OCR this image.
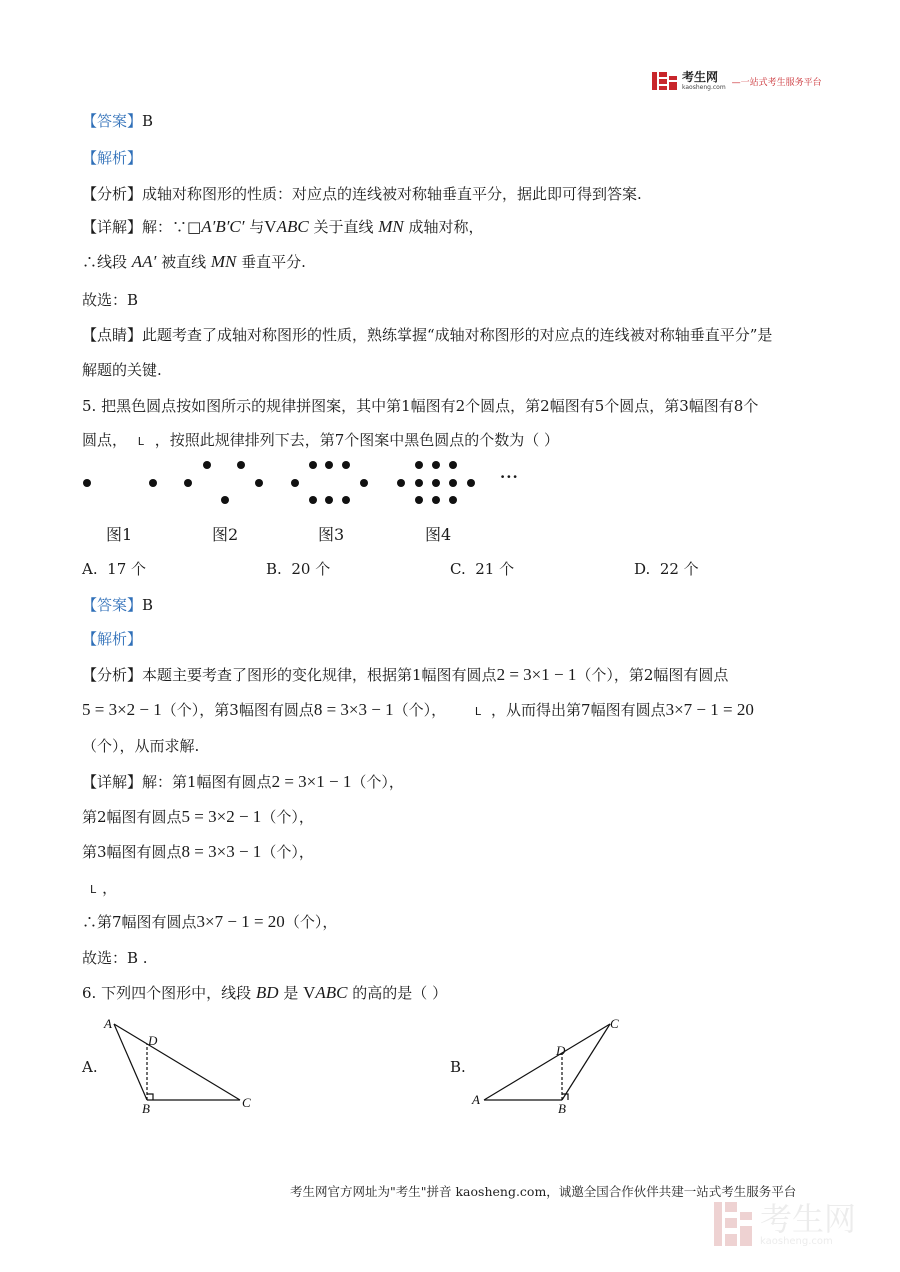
考生网
kaosheng.com —一站式考生服务平台
【答案】B
【解析】
【分析】成轴对称图形的性质：对应点的连线被对称轴垂直平分，据此即可得到答案.
【详解】解：∵□A′B′C′ 与VABC 关于直线 MN 成轴对称，
∴线段 AA′ 被直线 MN 垂直平分.
故选：B
【点睛】此题考查了成轴对称图形的性质，熟练掌握“成轴对称图形的对应点的连线被对称轴垂直平分”是
解题的关键.
5. 把黑色圆点按如图所示的规律拼图案，其中第1幅图有2个圆点，第2幅图有5个圆点，第3幅图有8个
圆点， L ，按照此规律排列下去，第7个图案中黑色圆点的个数为（ ）
···
图1	图2	图3	图4
A. 17 个	B. 20 个	C. 21 个	D. 22 个
【答案】B
【解析】
【分析】本题主要考查了图形的变化规律，根据第1幅图有圆点2 = 3×1 − 1（个），第2幅图有圆点
5 = 3×2 − 1（个），第3幅图有圆点8 = 3×3 − 1（个），	L ，从而得出第7幅图有圆点3×7 − 1 = 20
（个），从而求解.
【详解】解：第1幅图有圆点2 = 3×1 − 1（个），
第2幅图有圆点5 = 3×2 − 1（个），
第3幅图有圆点8 = 3×3 − 1（个），
L ，
∴第7幅图有圆点3×7 − 1 = 20（个），
故选：B .
6. 下列四个图形中，线段 BD 是 VABC 的高的是（ ）
A.
A
D
B	C
B.
A
D
B
C
考生网官方网址为"考生"拼音 kaosheng.com，诚邀全国合作伙伴共建一站式考生服务平台
考生网
kaosheng.com
